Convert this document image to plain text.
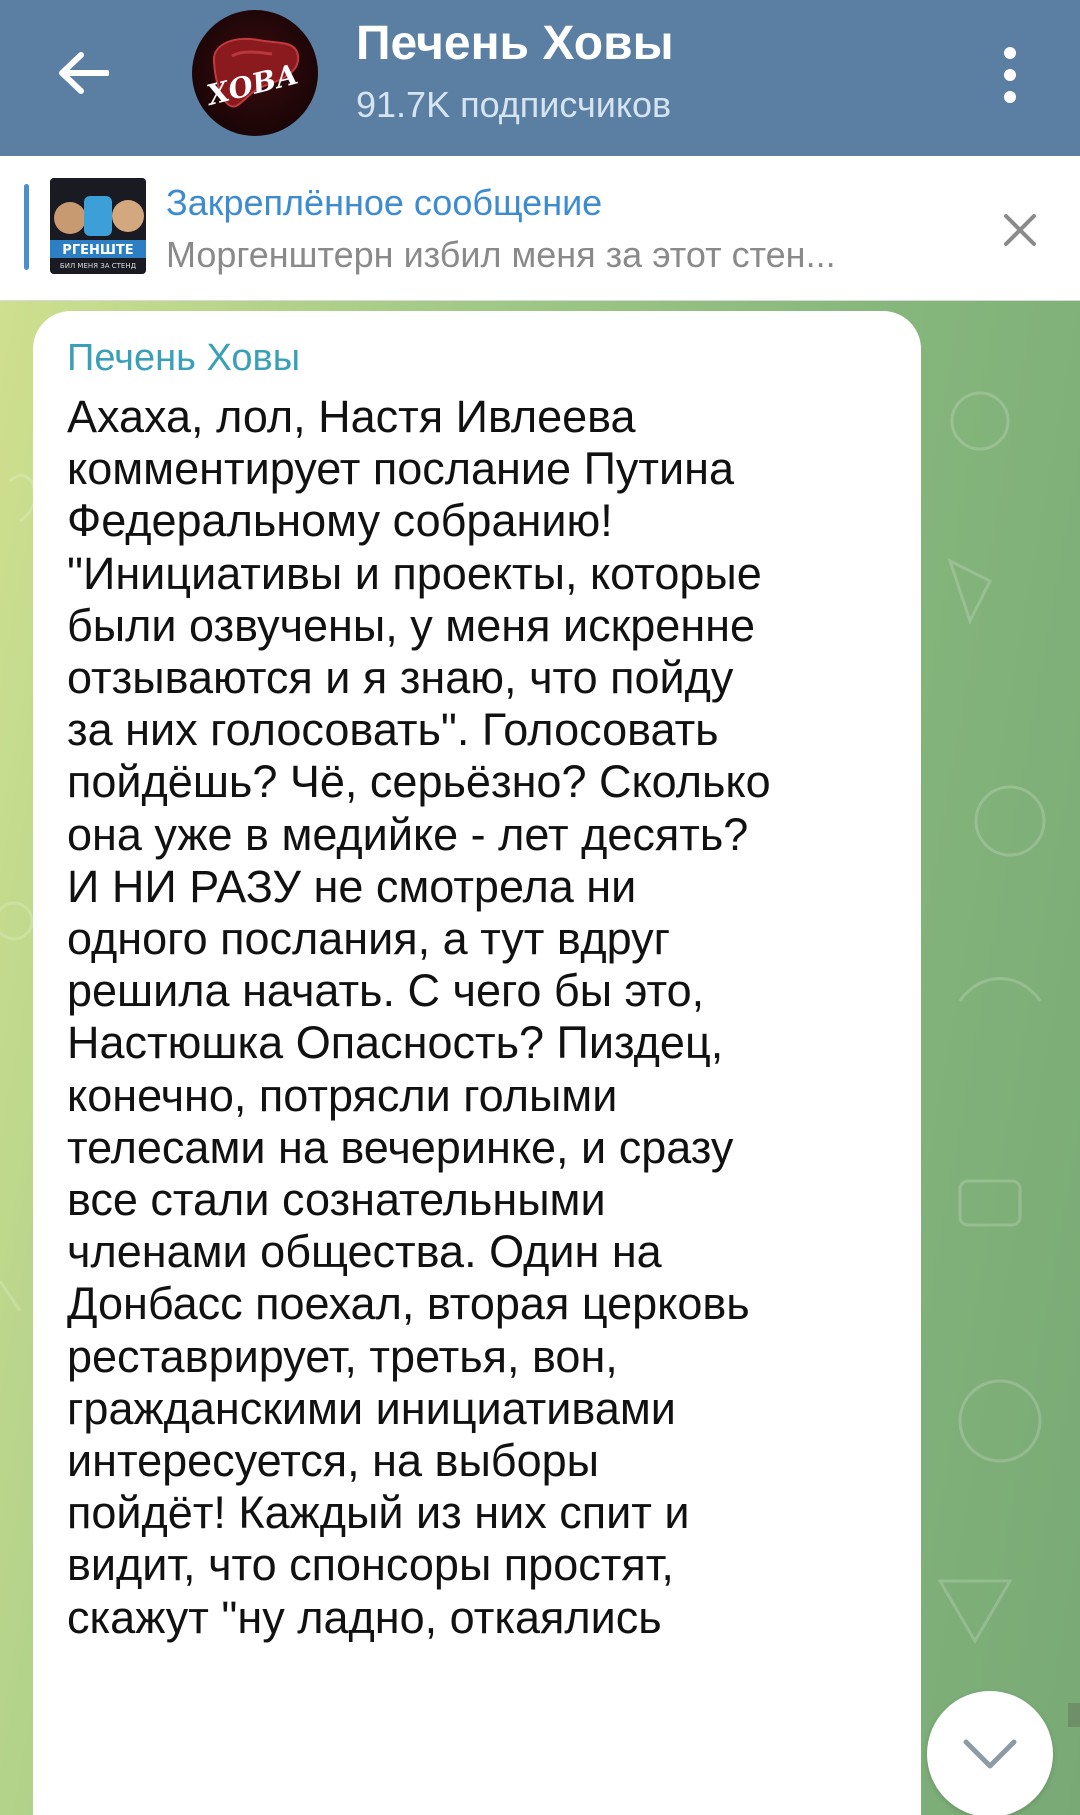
ХОВА
Печень Ховы
91.7K подписчиков
РГЕНШТЕ
БИЛ МЕНЯ ЗА СТЕНД
Закреплённое сообщение
Моргенштерн избил меня за этот стен...
Печень Ховы
Ахаха, лол, Настя Ивлеева
комментирует послание Путина
Федеральному собранию!
"Инициативы и проекты, которые
были озвучены, у меня искренне
отзываются и я знаю, что пойду
за них голосовать". Голосовать
пойдёшь? Чё, серьёзно? Сколько
она уже в медийке - лет десять?
И НИ РАЗУ не смотрела ни
одного послания, а тут вдруг
решила начать. С чего бы это,
Настюшка Опасность? Пиздец,
конечно, потрясли голыми
телесами на вечеринке, и сразу
все стали сознательными
членами общества. Один на
Донбасс поехал, вторая церковь
реставрирует, третья, вон,
гражданскими инициативами
интересуется, на выборы
пойдёт! Каждый из них спит и
видит, что спонсоры простят,
скажут "ну ладно, откаялись
